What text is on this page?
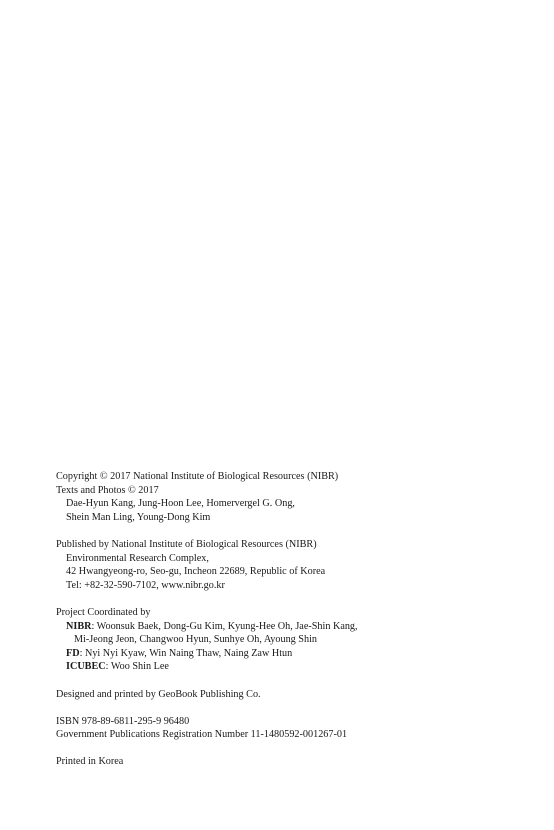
Copyright © 2017 National Institute of Biological Resources (NIBR)
Texts and Photos © 2017
Dae-Hyun Kang, Jung-Hoon Lee, Homervergel G. Ong,
Shein Man Ling, Young-Dong Kim
Published by National Institute of Biological Resources (NIBR)
Environmental Research Complex,
42 Hwangyeong-ro, Seo-gu, Incheon 22689, Republic of Korea
Tel: +82-32-590-7102, www.nibr.go.kr
Project Coordinated by
NIBR: Woonsuk Baek, Dong-Gu Kim, Kyung-Hee Oh, Jae-Shin Kang,
Mi-Jeong Jeon, Changwoo Hyun, Sunhye Oh, Ayoung Shin
FD: Nyi Nyi Kyaw, Win Naing Thaw, Naing Zaw Htun
ICUBEC: Woo Shin Lee
Designed and printed by GeoBook Publishing Co.
ISBN 978-89-6811-295-9 96480
Government Publications Registration Number 11-1480592-001267-01
Printed in Korea
